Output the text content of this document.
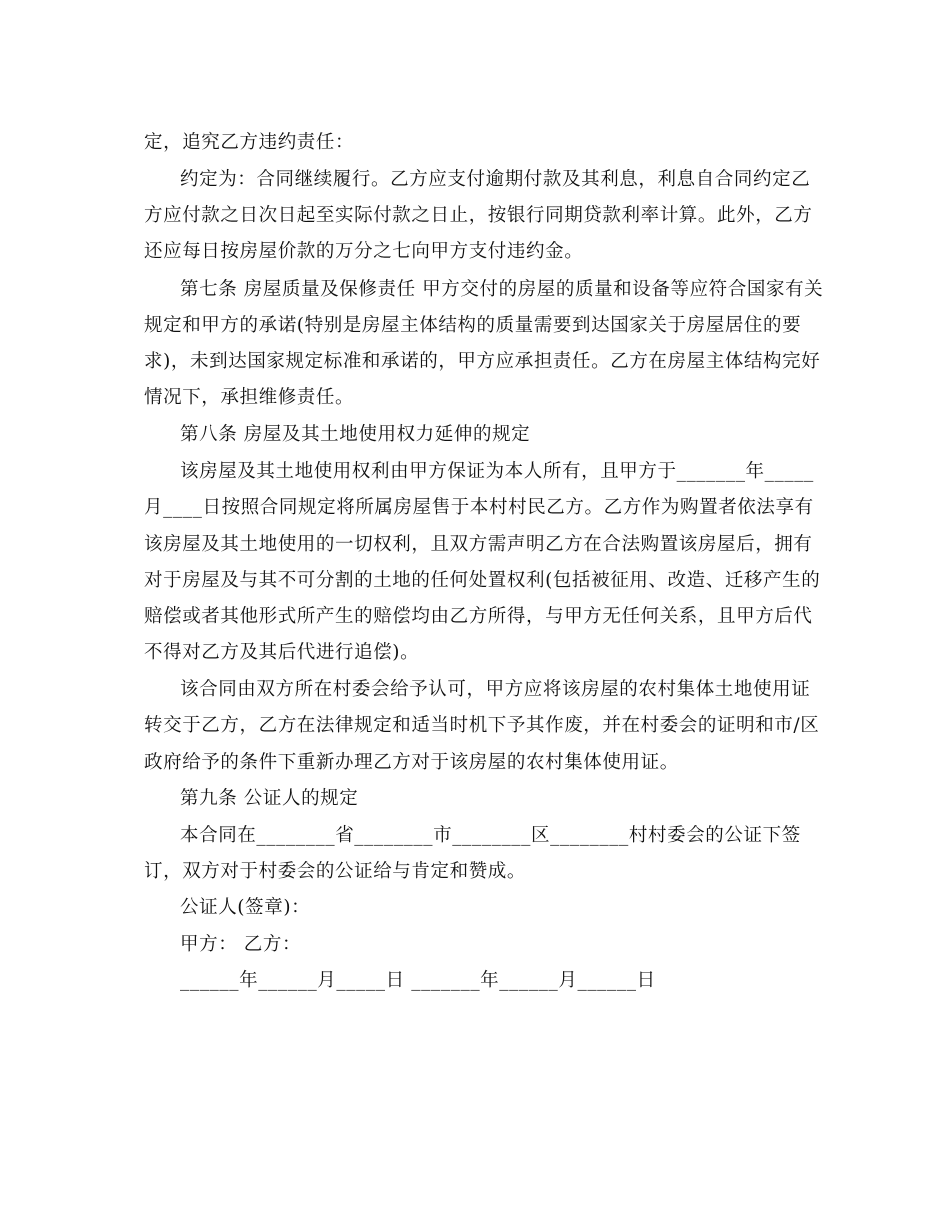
定，追究乙方违约责任：
约定为：合同继续履行。乙方应支付逾期付款及其利息，利息自合同约定乙
方应付款之日次日起至实际付款之日止，按银行同期贷款利率计算。此外，乙方
还应每日按房屋价款的万分之七向甲方支付违约金。
第七条 房屋质量及保修责任 甲方交付的房屋的质量和设备等应符合国家有关
规定和甲方的承诺(特别是房屋主体结构的质量需要到达国家关于房屋居住的要
求)，未到达国家规定标准和承诺的，甲方应承担责任。乙方在房屋主体结构完好
情况下，承担维修责任。
第八条 房屋及其土地使用权力延伸的规定
该房屋及其土地使用权利由甲方保证为本人所有，且甲方于_______年_____
月____日按照合同规定将所属房屋售于本村村民乙方。乙方作为购置者依法享有
该房屋及其土地使用的一切权利，且双方需声明乙方在合法购置该房屋后，拥有
对于房屋及与其不可分割的土地的任何处置权利(包括被征用、改造、迁移产生的
赔偿或者其他形式所产生的赔偿均由乙方所得，与甲方无任何关系，且甲方后代
不得对乙方及其后代进行追偿)。
该合同由双方所在村委会给予认可，甲方应将该房屋的农村集体土地使用证
转交于乙方，乙方在法律规定和适当时机下予其作废，并在村委会的证明和市/区
政府给予的条件下重新办理乙方对于该房屋的农村集体使用证。
第九条 公证人的规定
本合同在________省________市________区________村村委会的公证下签
订，双方对于村委会的公证给与肯定和赞成。
公证人(签章)：
甲方： 乙方：
______年______月_____日 _______年______月______日
